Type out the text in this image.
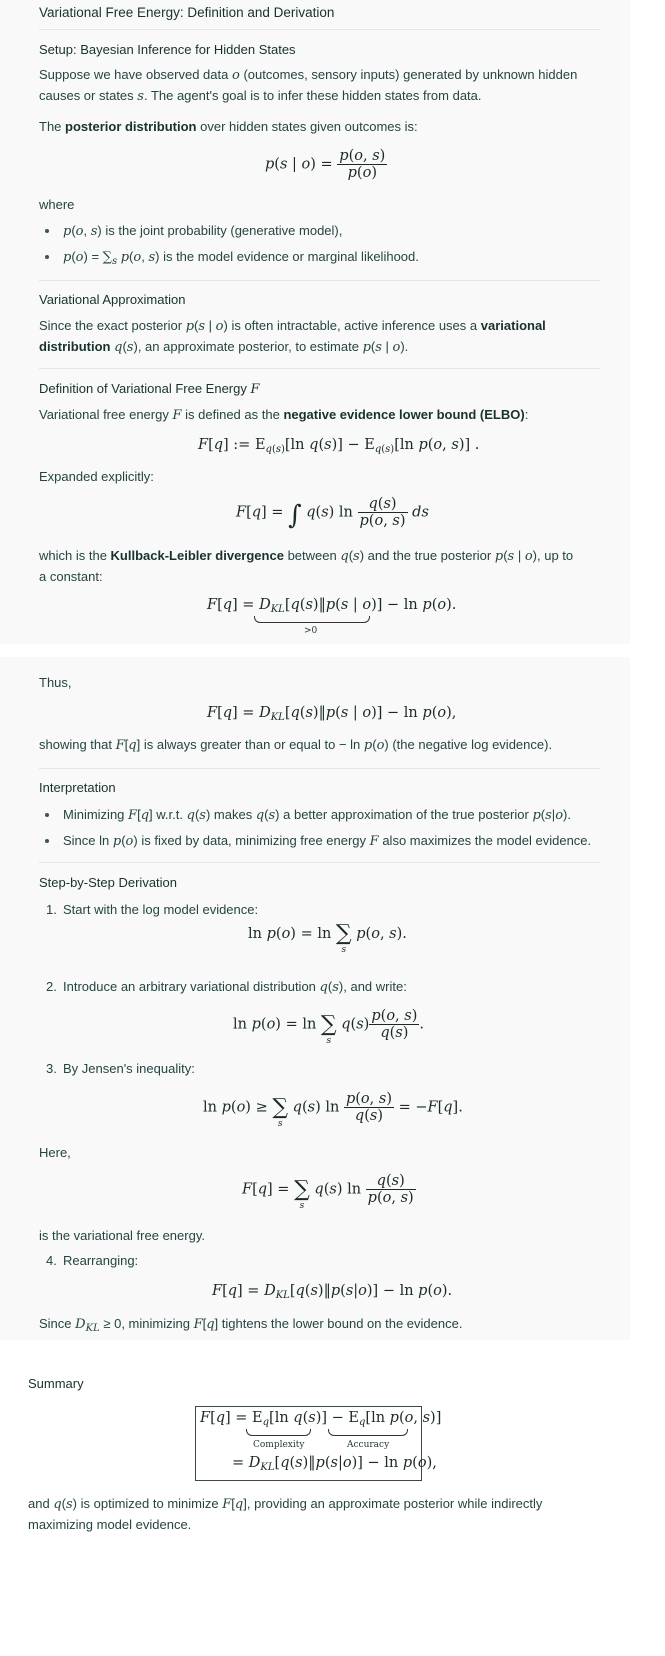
Variational Free Energy: Definition and Derivation
Setup: Bayesian Inference for Hidden States
Suppose we have observed data o (outcomes, sensory inputs) generated by unknown hidden
causes or states s. The agent's goal is to infer these hidden states from data.
The posterior distribution over hidden states given outcomes is:
p(s | $o) = \frac{p(o, s)}{p(o)}$
where
p(o, s) is the joint probability (generative model),
$p(o) = \sum_s$ p(o, s) is the model evidence or marginal likelihood.
Variational Approximation
Since the exact posterior p(s | o) is often intractable, active inference uses a variational
distribution q(s), an approximate posterior, to estimate p(s | o).
Definition of Variational Free Energy F
Variational free energy F is defined as the negative evidence lower bound (ELBO):
F[q] := $E_{q(s)}[\ln$ $q(s)] - E_{q(s)}[\ln$ p(o, s)] .
Expanded explicitly:
F[q] = ∫ q(s) $\ln \frac{q(s)}{p(o, s)}$ ds
which is the Kullback-Leibler divergence between q(s) and the true posterior p(s | o), up to
a constant:
$F[q] = D_{KL}[q(s)‖p(s$ | o)] − ln p(o).
>0
Thus,
$F[q] = D_{KL}[q(s)‖p(s$ | o)] − ln p(o),
showing that F[q] is always greater than or equal to − ln p(o) (the negative log evidence).
Interpretation
Minimizing F[q] w.r.t. q(s) makes q(s) a better approximation of the true posterior p(s|o).
Since ln p(o) is fixed by data, minimizing free energy F also maximizes the model evidence.
Step-by-Step Derivation
1. Start with the log model evidence:
ln p(o) = ln ∑
s p(o, s).
2. Introduce an arbitrary variational distribution q(s), and write:
ln p(o) = ln ∑
s $q(s) \frac{p(o, s)}{q(s)}$ .
3. By Jensen's inequality:
ln p(o) ≥ ∑
s q(s) $\ln \frac{p(o, s)}{q(s)} = -F[q]$.
Here,
F[q] = ∑
s q(s) $\ln \frac{q(s)}{p(o, s)}$
is the variational free energy.
4. Rearranging:
$F[q] = D_{KL}[q(s)‖p(s|o)] - \ln p(o)$.
Since $D_{KL} \ge 0$, minimizing F[q] tightens the lower bound on the evidence.
Summary
$F[q] = E_q[\ln$ $q(s)] - E_q[\ln$ p(o, s)]
Complexity	Accuracy
= $D_{KL}[q(s)‖p(s|o)] - \ln p(o)$,
and q(s) is optimized to minimize F[q], providing an approximate posterior while indirectly
maximizing model evidence.
